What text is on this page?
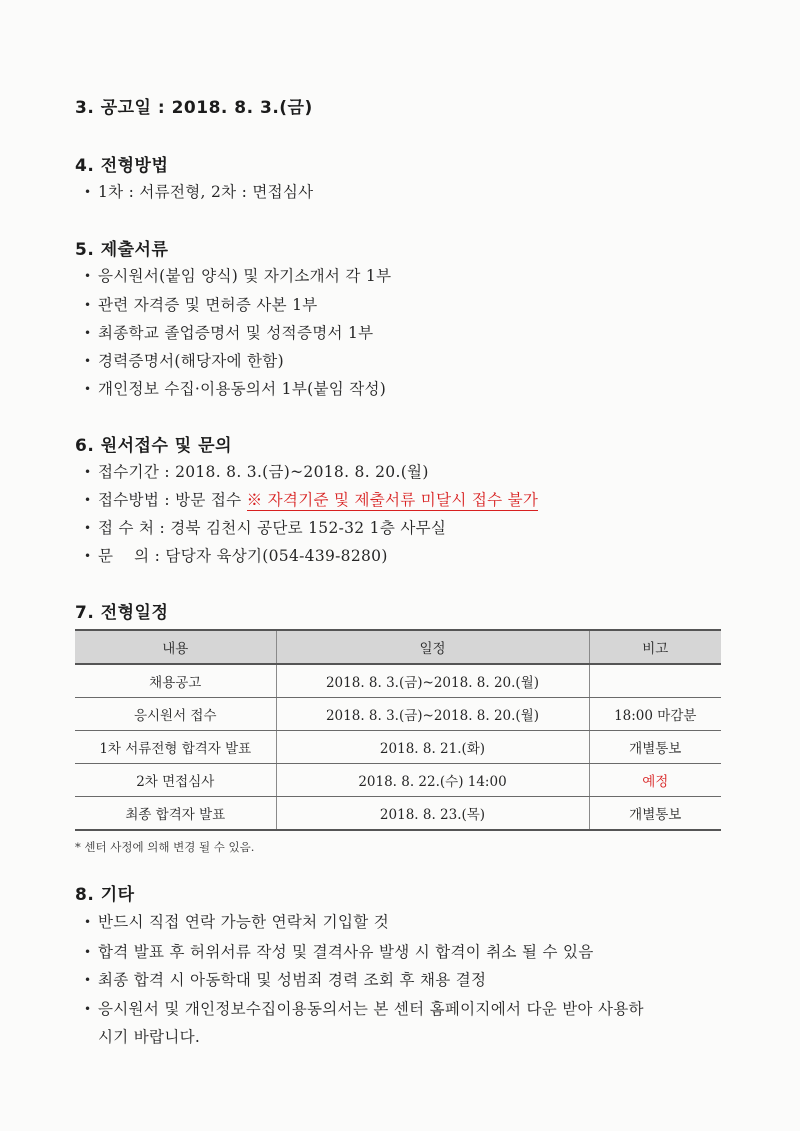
3. 공고일 : 2018. 8. 3.(금)
4. 전형방법
• 1차 : 서류전형, 2차 : 면접심사
5. 제출서류
• 응시원서(붙임 양식) 및 자기소개서 각 1부
• 관련 자격증 및 면허증 사본 1부
• 최종학교 졸업증명서 및 성적증명서 1부
• 경력증명서(해당자에 한함)
• 개인정보 수집·이용동의서 1부(붙임 작성)
6. 원서접수 및 문의
• 접수기간 : 2018. 8. 3.(금)~2018. 8. 20.(월)
• 접수방법 : 방문 접수 ※ 자격기준 및 제출서류 미달시 접수 불가
• 접 수 처 : 경북 김천시 공단로 152-32 1층 사무실
• 문    의 : 담당자 육상기(054-439-8280)
7. 전형일정
내용	일정	비고
채용공고	2018. 8. 3.(금)~2018. 8. 20.(월)	
응시원서 접수	2018. 8. 3.(금)~2018. 8. 20.(월)	18:00 마감분
1차 서류전형 합격자 발표	2018. 8. 21.(화)	개별통보
2차 면접심사	2018. 8. 22.(수) 14:00	예정
최종 합격자 발표	2018. 8. 23.(목)	개별통보
* 센터 사정에 의해 변경 될 수 있음.
8. 기타
• 반드시 직접 연락 가능한 연락처 기입할 것
• 합격 발표 후 허위서류 작성 및 결격사유 발생 시 합격이 취소 될 수 있음
• 최종 합격 시 아동학대 및 성범죄 경력 조회 후 채용 결정
• 응시원서 및 개인정보수집이용동의서는 본 센터 홈페이지에서 다운 받아 사용하
시기 바랍니다.
